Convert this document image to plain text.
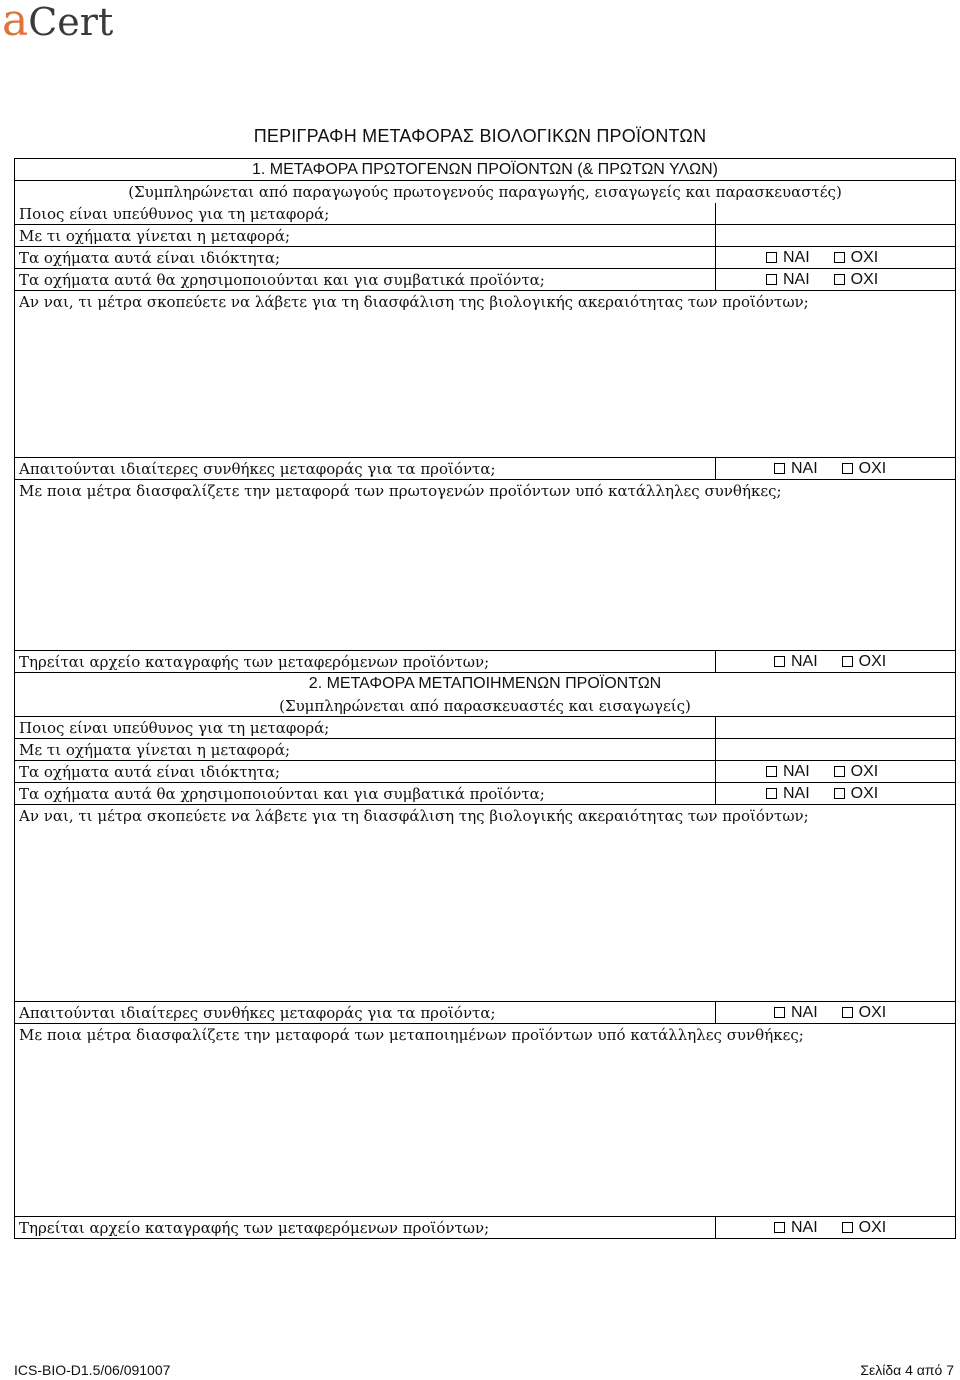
aCert
ΠΕΡΙΓΡΑΦΗ ΜΕΤΑΦΟΡΑΣ ΒΙΟΛΟΓΙΚΩΝ ΠΡΟΪΟΝΤΩΝ
1. ΜΕΤΑΦΟΡΑ ΠΡΩΤΟΓΕΝΩΝ ΠΡΟΪΟΝΤΩΝ (& ΠΡΩΤΩΝ ΥΛΩΝ)
(Συμπληρώνεται από παραγωγούς πρωτογενούς παραγωγής, εισαγωγείς και παρασκευαστές)
Ποιος είναι υπεύθυνος για τη μεταφορά;
Με τι οχήματα γίνεται η μεταφορά;
Τα οχήματα αυτά είναι ιδιόκτητα;	ΝΑΙ	ΟΧΙ
Τα οχήματα αυτά θα χρησιμοποιούνται και για συμβατικά προϊόντα;	ΝΑΙ	ΟΧΙ
Αν ναι, τι μέτρα σκοπεύετε να λάβετε για τη διασφάλιση της βιολογικής ακεραιότητας των προϊόντων;
Απαιτούνται ιδιαίτερες συνθήκες μεταφοράς για τα προϊόντα;	ΝΑΙ	ΟΧΙ
Με ποια μέτρα διασφαλίζετε την μεταφορά των πρωτογενών προϊόντων υπό κατάλληλες συνθήκες;
Τηρείται αρχείο καταγραφής των μεταφερόμενων προϊόντων;	ΝΑΙ	ΟΧΙ
2. ΜΕΤΑΦΟΡΑ ΜΕΤΑΠΟΙΗΜΕΝΩΝ ΠΡΟΪΟΝΤΩΝ
(Συμπληρώνεται από παρασκευαστές και εισαγωγείς)
Ποιος είναι υπεύθυνος για τη μεταφορά;
Με τι οχήματα γίνεται η μεταφορά;
Τα οχήματα αυτά είναι ιδιόκτητα;	ΝΑΙ	ΟΧΙ
Τα οχήματα αυτά θα χρησιμοποιούνται και για συμβατικά προϊόντα;	ΝΑΙ	ΟΧΙ
Αν ναι, τι μέτρα σκοπεύετε να λάβετε για τη διασφάλιση της βιολογικής ακεραιότητας των προϊόντων;
Απαιτούνται ιδιαίτερες συνθήκες μεταφοράς για τα προϊόντα;	ΝΑΙ	ΟΧΙ
Με ποια μέτρα διασφαλίζετε την μεταφορά των μεταποιημένων προϊόντων υπό κατάλληλες συνθήκες;
Τηρείται αρχείο καταγραφής των μεταφερόμενων προϊόντων;	ΝΑΙ	ΟΧΙ
ICS-BIO-D1.5/06/091007	Σελίδα 4 από 7
